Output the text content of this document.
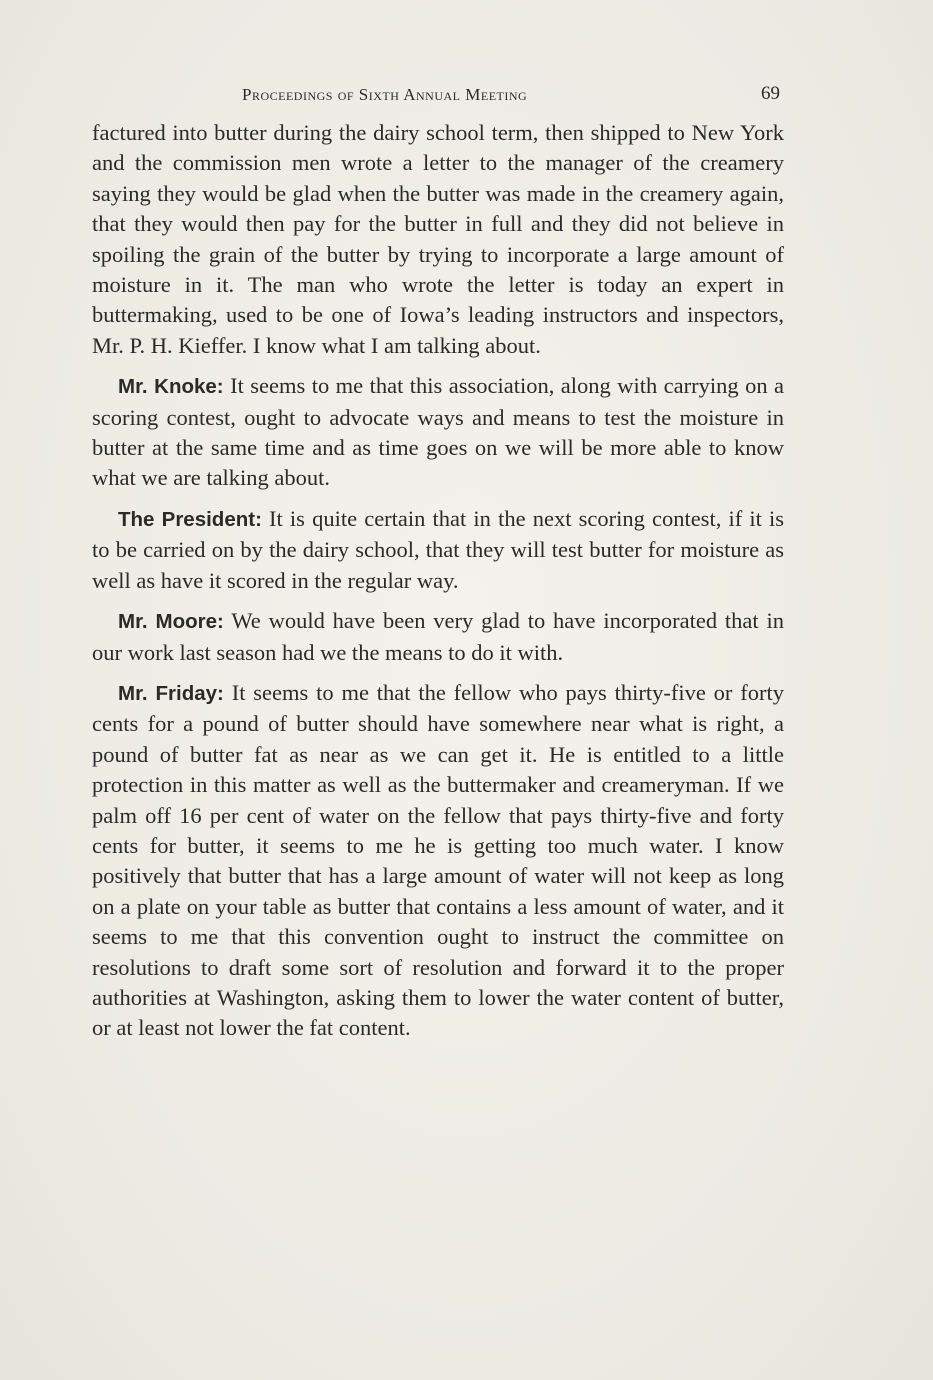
Proceedings of Sixth Annual Meeting	69

factured into butter during the dairy school term, then shipped to New York and the commission men wrote a letter to the manager of the creamery saying they would be glad when the butter was made in the creamery again, that they would then pay for the butter in full and they did not believe in spoiling the grain of the butter by trying to incorporate a large amount of moisture in it. The man who wrote the letter is today an expert in buttermaking, used to be one of Iowa’s leading instructors and inspectors, Mr. P. H. Kieffer. I know what I am talking about.

Mr. Knoke: It seems to me that this association, along with carrying on a scoring contest, ought to advocate ways and means to test the moisture in butter at the same time and as time goes on we will be more able to know what we are talking about.

The President: It is quite certain that in the next scoring contest, if it is to be carried on by the dairy school, that they will test butter for moisture as well as have it scored in the regular way.

Mr. Moore: We would have been very glad to have incorporated that in our work last season had we the means to do it with.

Mr. Friday: It seems to me that the fellow who pays thirty-five or forty cents for a pound of butter should have somewhere near what is right, a pound of butter fat as near as we can get it. He is entitled to a little protection in this matter as well as the buttermaker and creameryman. If we palm off 16 per cent of water on the fellow that pays thirty-five and forty cents for butter, it seems to me he is getting too much water. I know positively that butter that has a large amount of water will not keep as long on a plate on your table as butter that contains a less amount of water, and it seems to me that this convention ought to instruct the committee on resolutions to draft some sort of resolution and forward it to the proper authorities at Washington, asking them to lower the water content of butter, or at least not lower the fat content.
